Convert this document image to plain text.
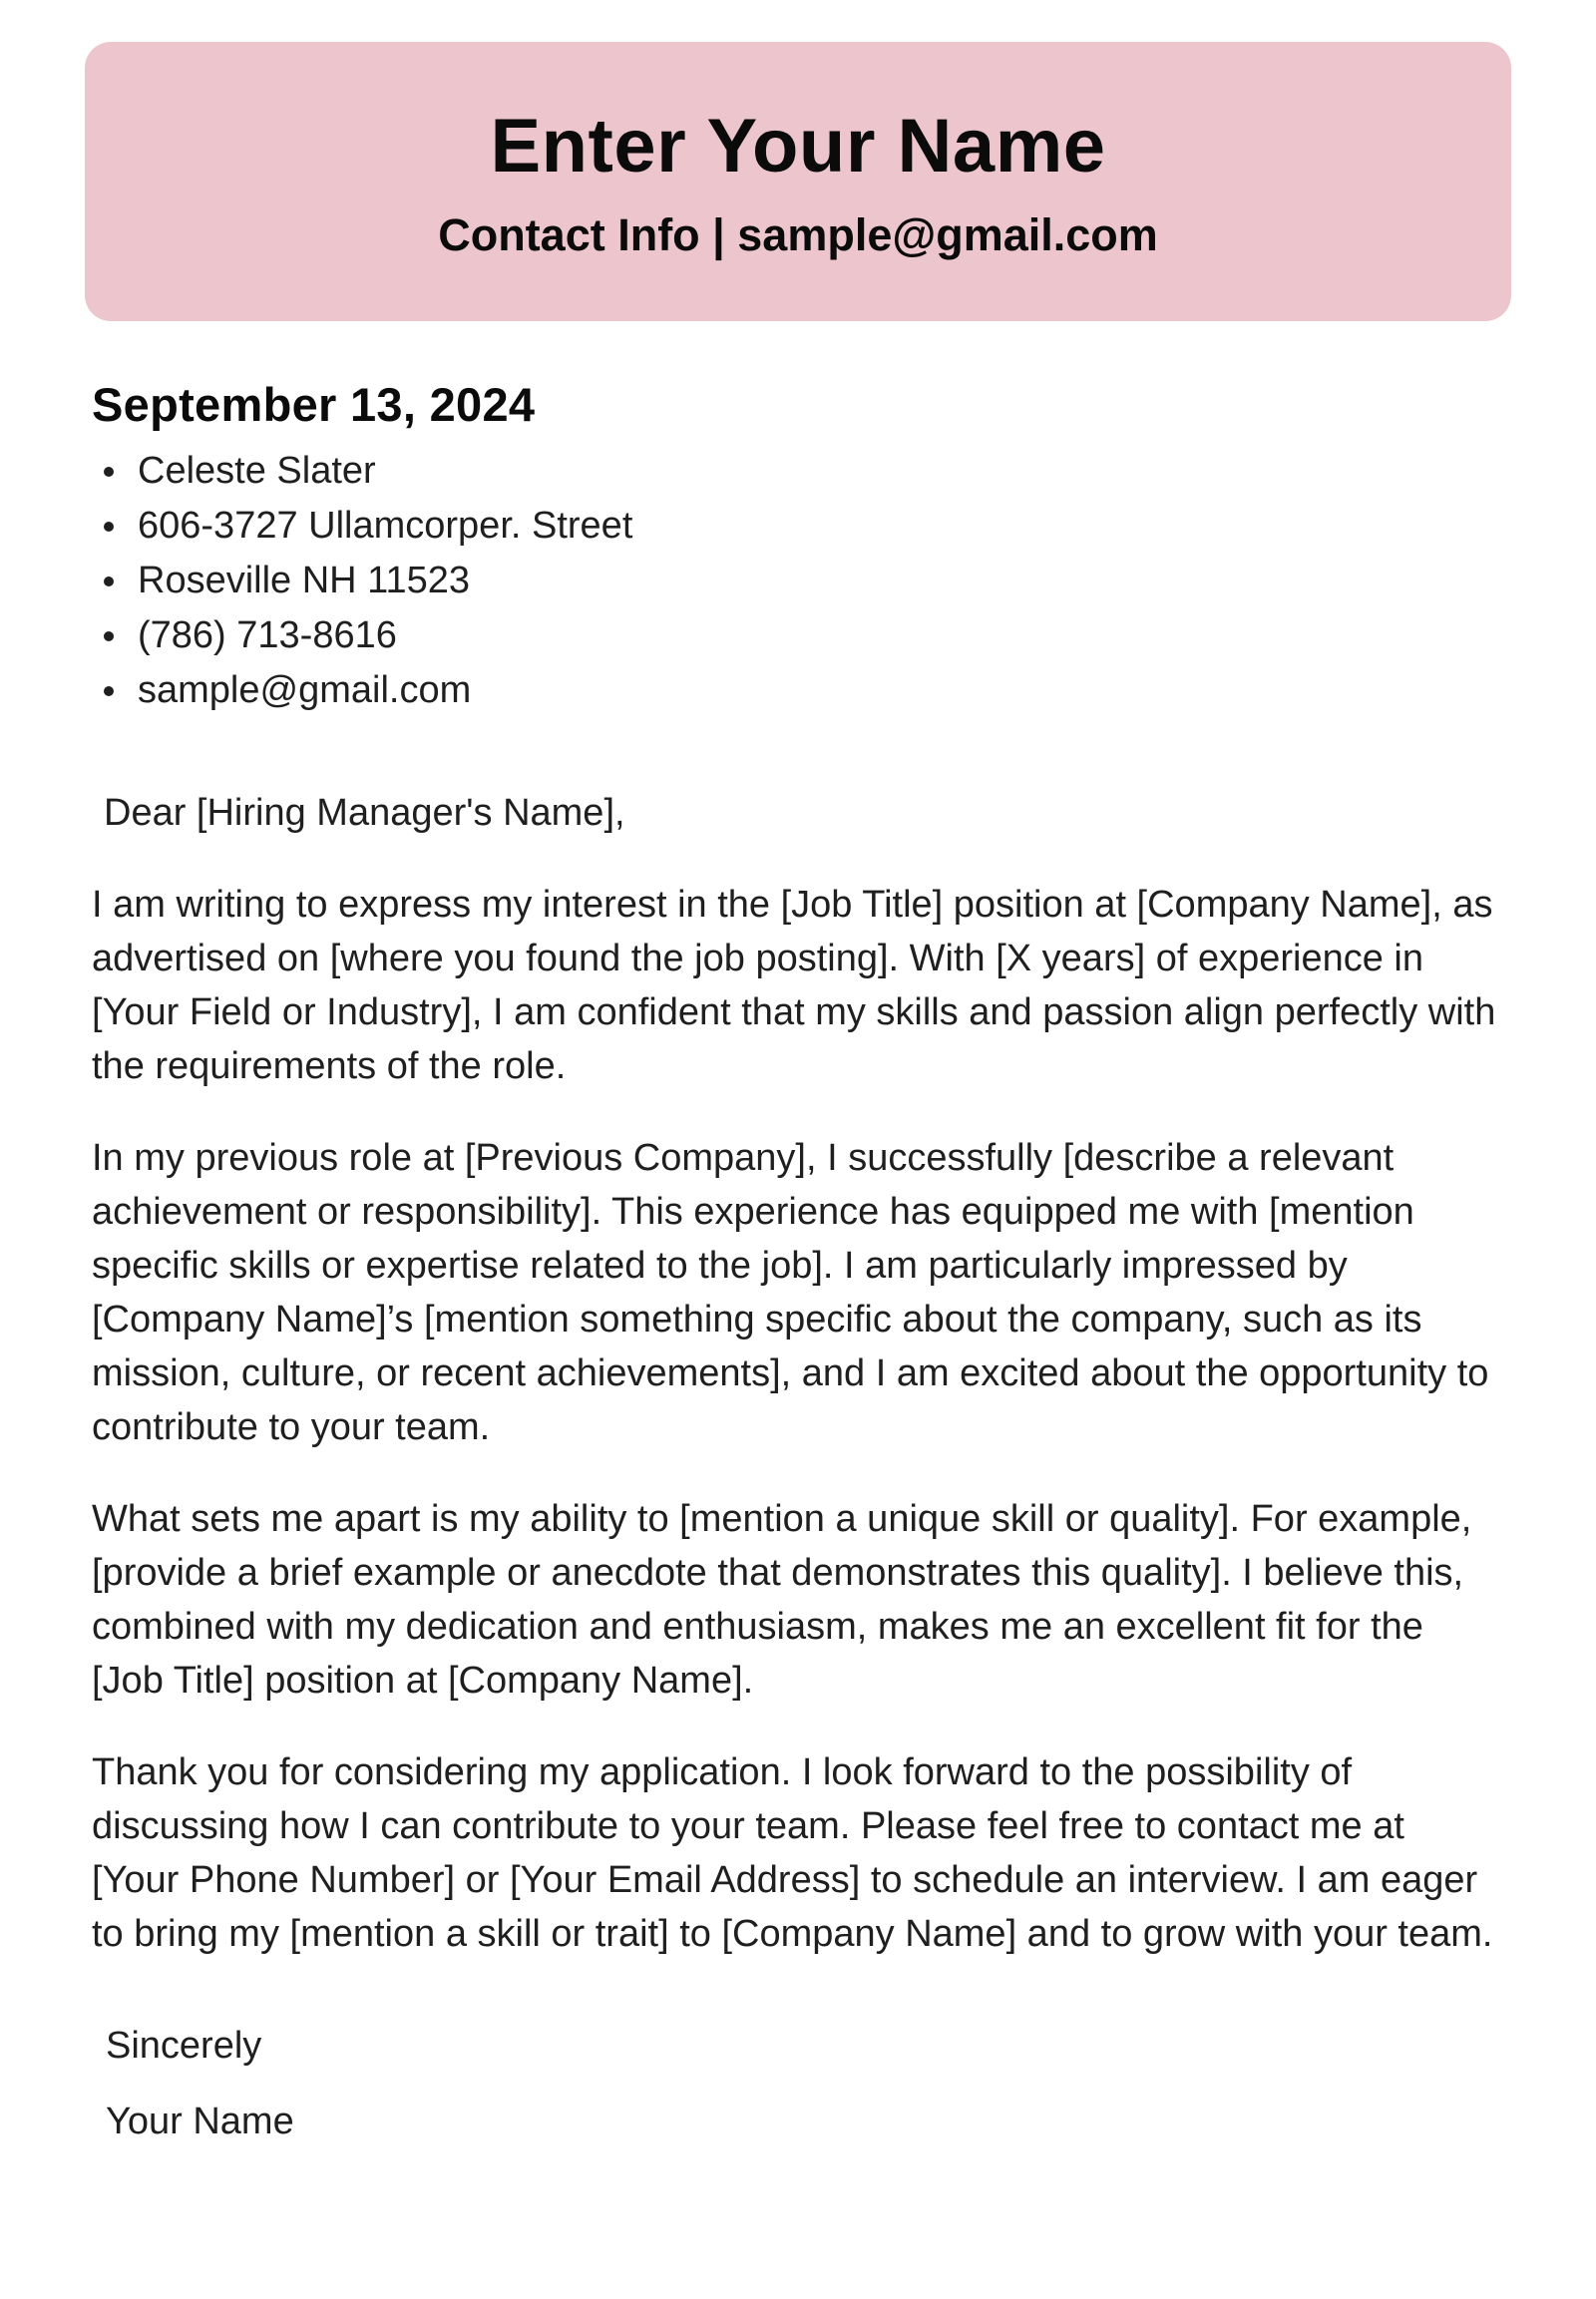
Enter Your Name
Contact Info | sample@gmail.com
September 13, 2024
Celeste Slater
606-3727 Ullamcorper. Street
Roseville NH 11523
(786) 713-8616
sample@gmail.com
Dear [Hiring Manager's Name],

I am writing to express my interest in the [Job Title] position at [Company Name], as advertised on [where you found the job posting]. With [X years] of experience in [Your Field or Industry], I am confident that my skills and passion align perfectly with the requirements of the role.

In my previous role at [Previous Company], I successfully [describe a relevant achievement or responsibility]. This experience has equipped me with [mention specific skills or expertise related to the job]. I am particularly impressed by [Company Name]’s [mention something specific about the company, such as its mission, culture, or recent achievements], and I am excited about the opportunity to contribute to your team.

What sets me apart is my ability to [mention a unique skill or quality]. For example, [provide a brief example or anecdote that demonstrates this quality]. I believe this, combined with my dedication and enthusiasm, makes me an excellent fit for the [Job Title] position at [Company Name].

Thank you for considering my application. I look forward to the possibility of discussing how I can contribute to your team. Please feel free to contact me at [Your Phone Number] or [Your Email Address] to schedule an interview. I am eager to bring my [mention a skill or trait] to [Company Name] and to grow with your team.

Sincerely
Your Name
